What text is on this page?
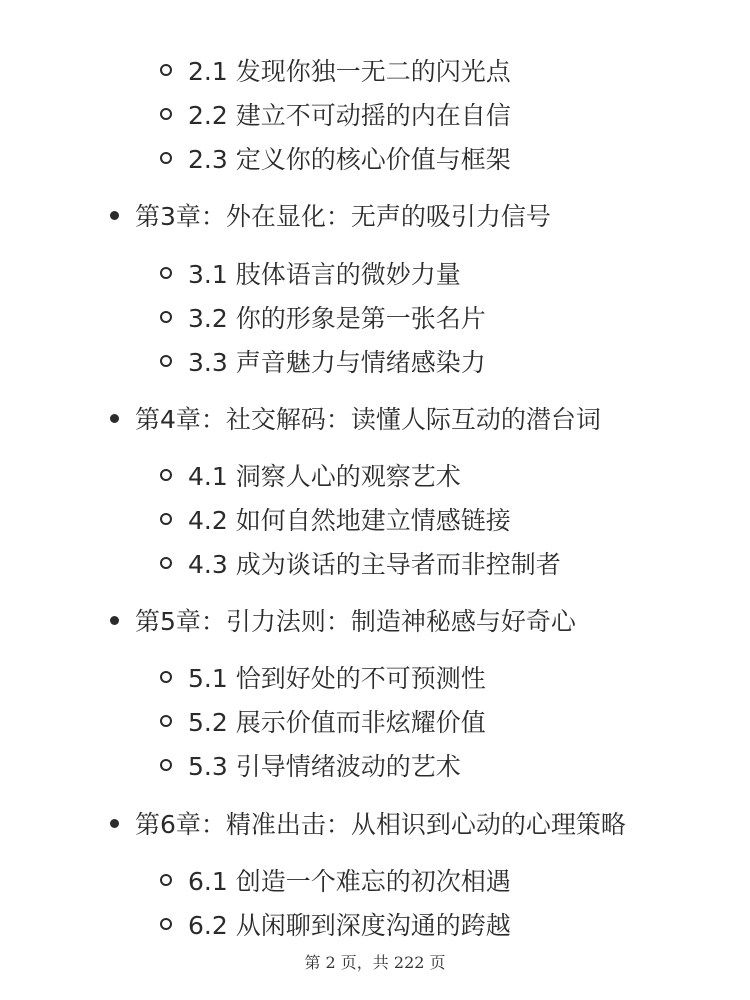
2.1 发现你独一无二的闪光点
2.2 建立不可动摇的内在自信
2.3 定义你的核心价值与框架
第3章：外在显化：无声的吸引力信号
3.1 肢体语言的微妙力量
3.2 你的形象是第一张名片
3.3 声音魅力与情绪感染力
第4章：社交解码：读懂人际互动的潜台词
4.1 洞察人心的观察艺术
4.2 如何自然地建立情感链接
4.3 成为谈话的主导者而非控制者
第5章：引力法则：制造神秘感与好奇心
5.1 恰到好处的不可预测性
5.2 展示价值而非炫耀价值
5.3 引导情绪波动的艺术
第6章：精准出击：从相识到心动的心理策略
6.1 创造一个难忘的初次相遇
6.2 从闲聊到深度沟通的跨越
第 2 页，共 222 页
